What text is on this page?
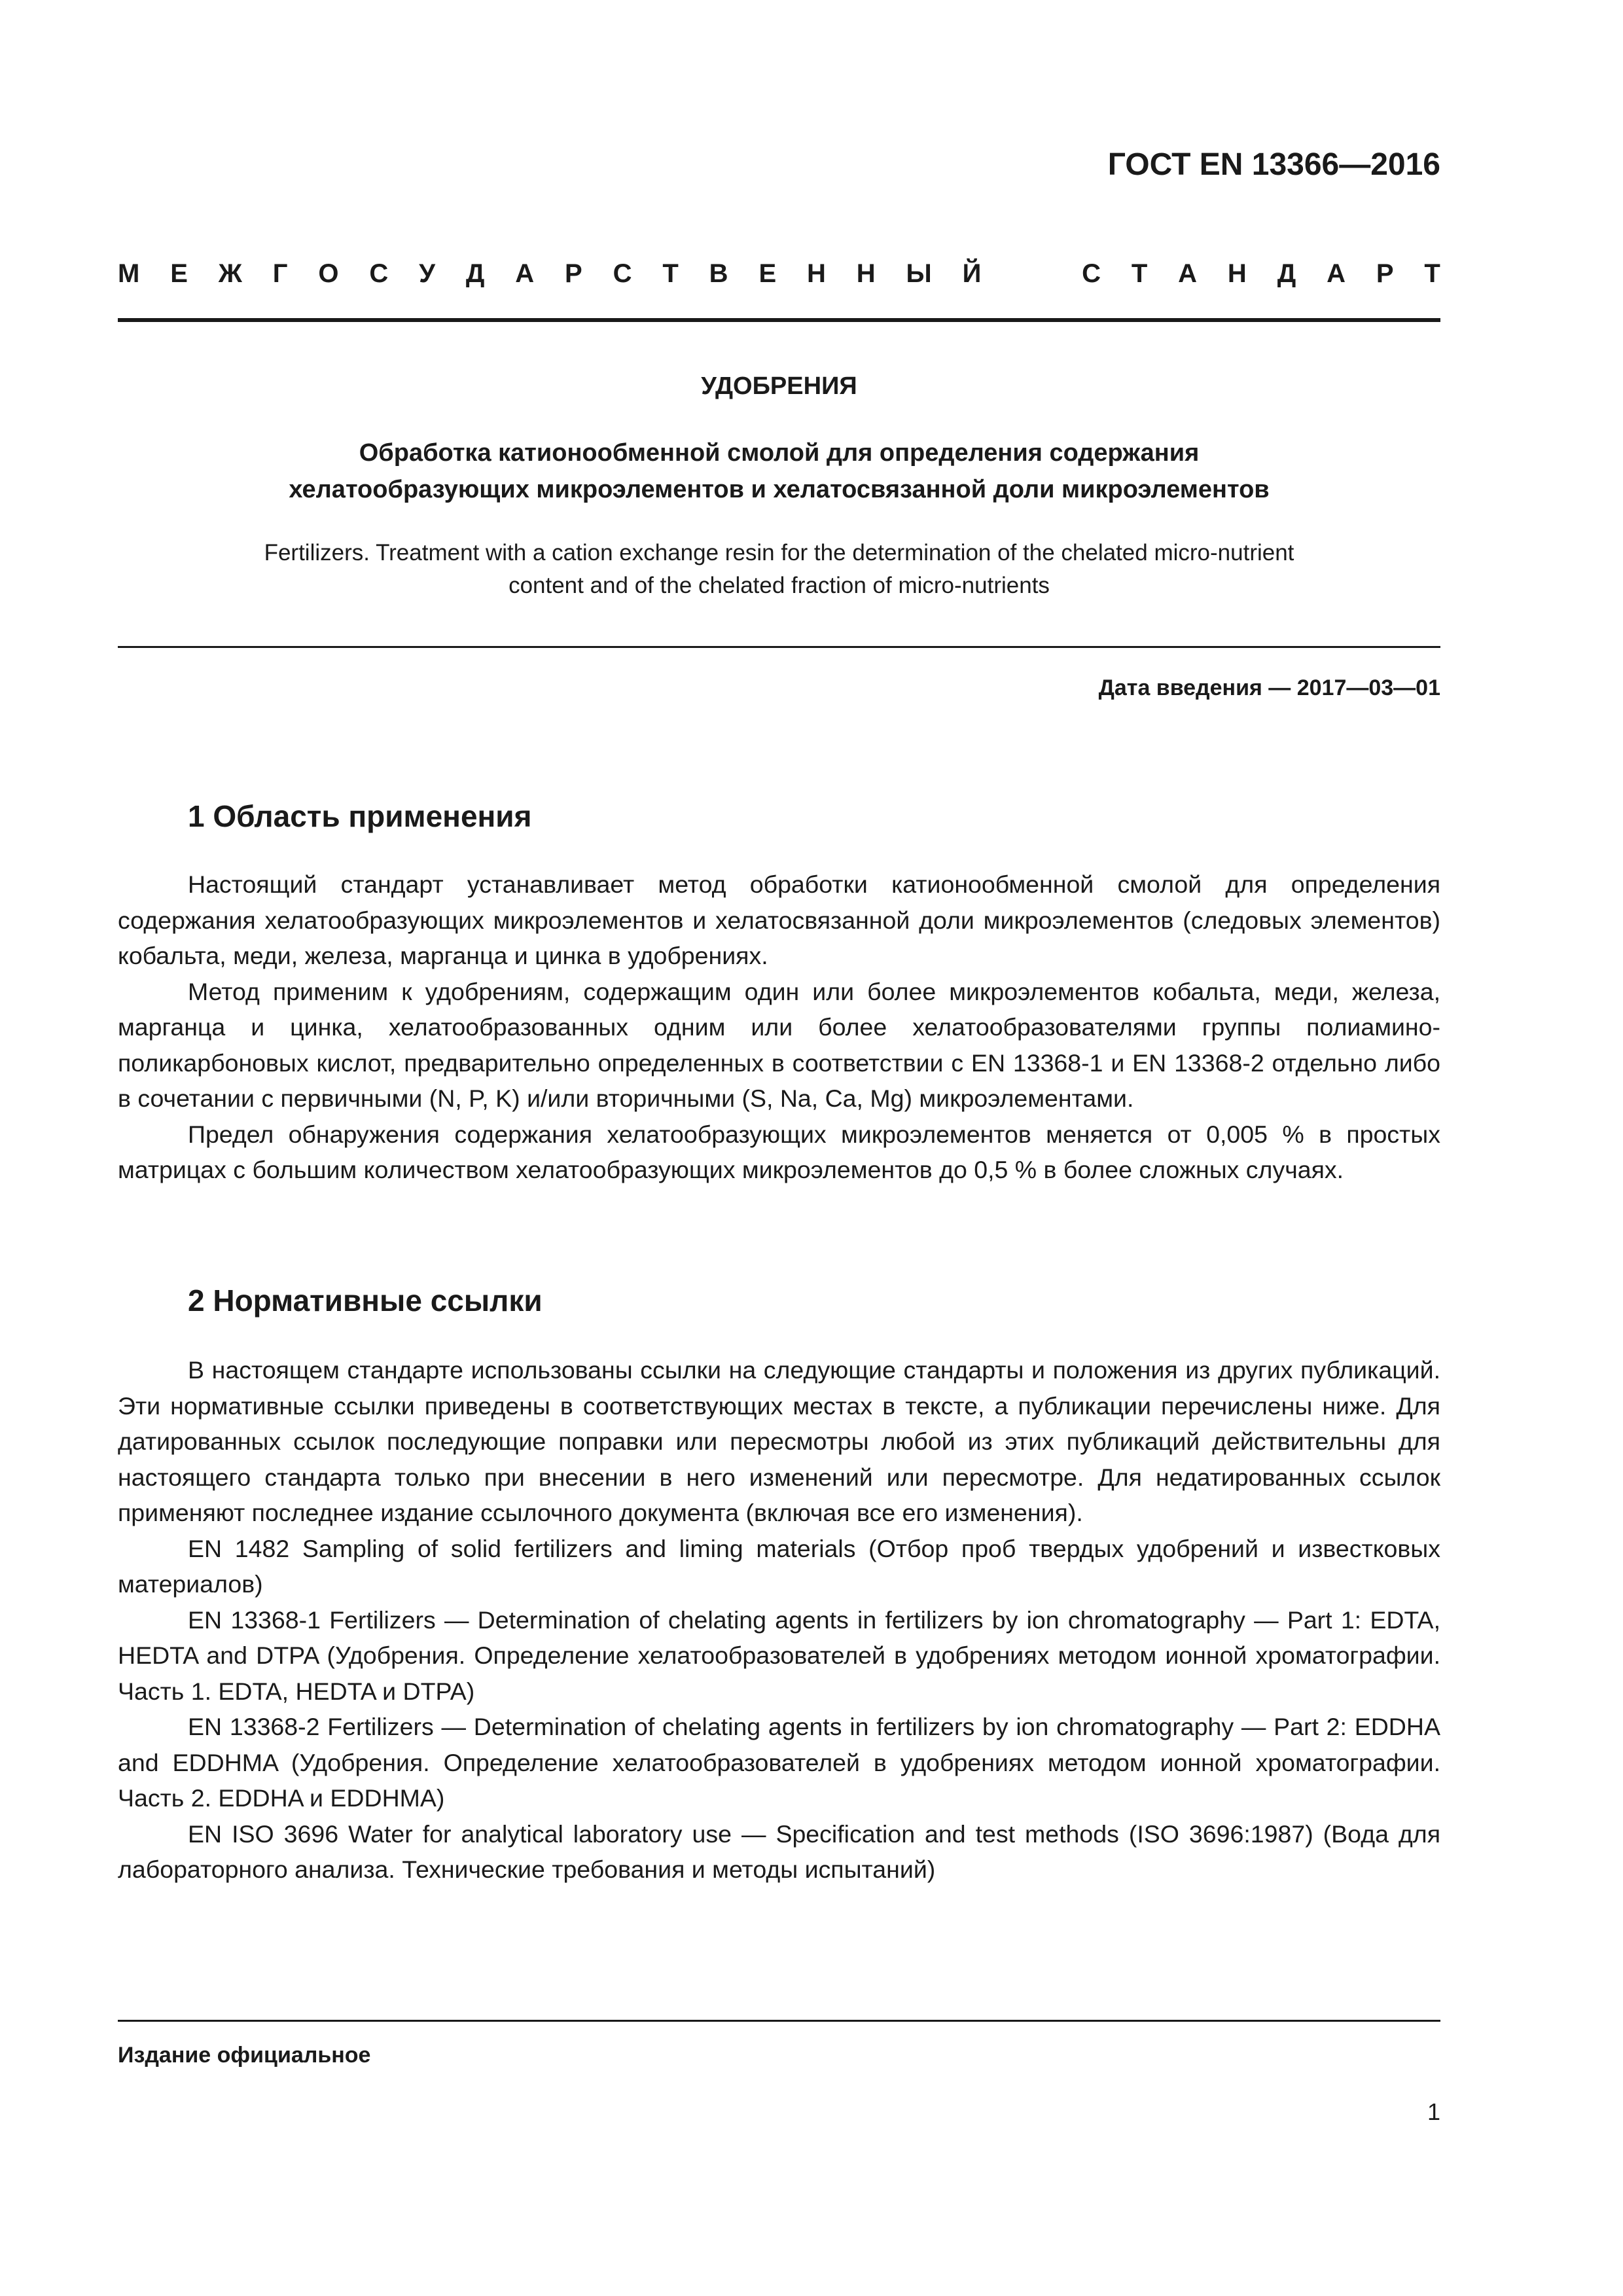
ГОСТ EN 13366—2016
М Е Ж Г О С У Д А Р С Т В Е Н Н Ы Й	С Т А Н Д А Р Т
УДОБРЕНИЯ
Обработка катионообменной смолой для определения содержания
хелатообразующих микроэлементов и хелатосвязанной доли микроэлементов
Fertilizers. Treatment with a cation exchange resin for the determination of the chelated micro-nutrient
content and of the chelated fraction of micro-nutrients
Дата введения — 2017—03—01
1 Область применения

Настоящий стандарт устанавливает метод обработки катионообменной смолой для определения содержания хелатообразующих микроэлементов и хелатосвязанной доли микроэлементов (следовых элементов) кобальта, меди, железа, марганца и цинка в удобрениях.

Метод применим к удобрениям, содержащим один или более микроэлементов кобальта, меди, железа, марганца и цинка, хелатообразованных одним или более хелатообразователями группы полиамино-поликарбоновых кислот, предварительно определенных в соответствии с EN 13368-1 и EN 13368-2 отдельно либо в сочетании с первичными (N, P, K) и/или вторичными (S, Na, Ca, Mg) микроэлементами.

Предел обнаружения содержания хелатообразующих микроэлементов меняется от 0,005 % в простых матрицах с большим количеством хелатообразующих микроэлементов до 0,5 % в более сложных случаях.

2 Нормативные ссылки

В настоящем стандарте использованы ссылки на следующие стандарты и положения из других публикаций. Эти нормативные ссылки приведены в соответствующих местах в тексте, а публикации перечислены ниже. Для датированных ссылок последующие поправки или пересмотры любой из этих публикаций действительны для настоящего стандарта только при внесении в него изменений или пересмотре. Для недатированных ссылок применяют последнее издание ссылочного документа (включая все его изменения).

EN 1482 Sampling of solid fertilizers and liming materials (Отбор проб твердых удобрений и известковых материалов)

EN 13368-1 Fertilizers — Determination of chelating agents in fertilizers by ion chromatography — Part 1: EDTA, HEDTA and DTPA (Удобрения. Определение хелатообразователей в удобрениях методом ионной хроматографии. Часть 1. EDTA, HEDTA и DTPA)

EN 13368-2 Fertilizers — Determination of chelating agents in fertilizers by ion chromatography — Part 2: EDDHA and EDDHMA (Удобрения. Определение хелатообразователей в удобрениях методом ионной хроматографии. Часть 2. EDDHA и EDDHMA)

EN ISO 3696 Water for analytical laboratory use — Specification and test methods (ISO 3696:1987) (Вода для лабораторного анализа. Технические требования и методы испытаний)

Издание официальное
1
